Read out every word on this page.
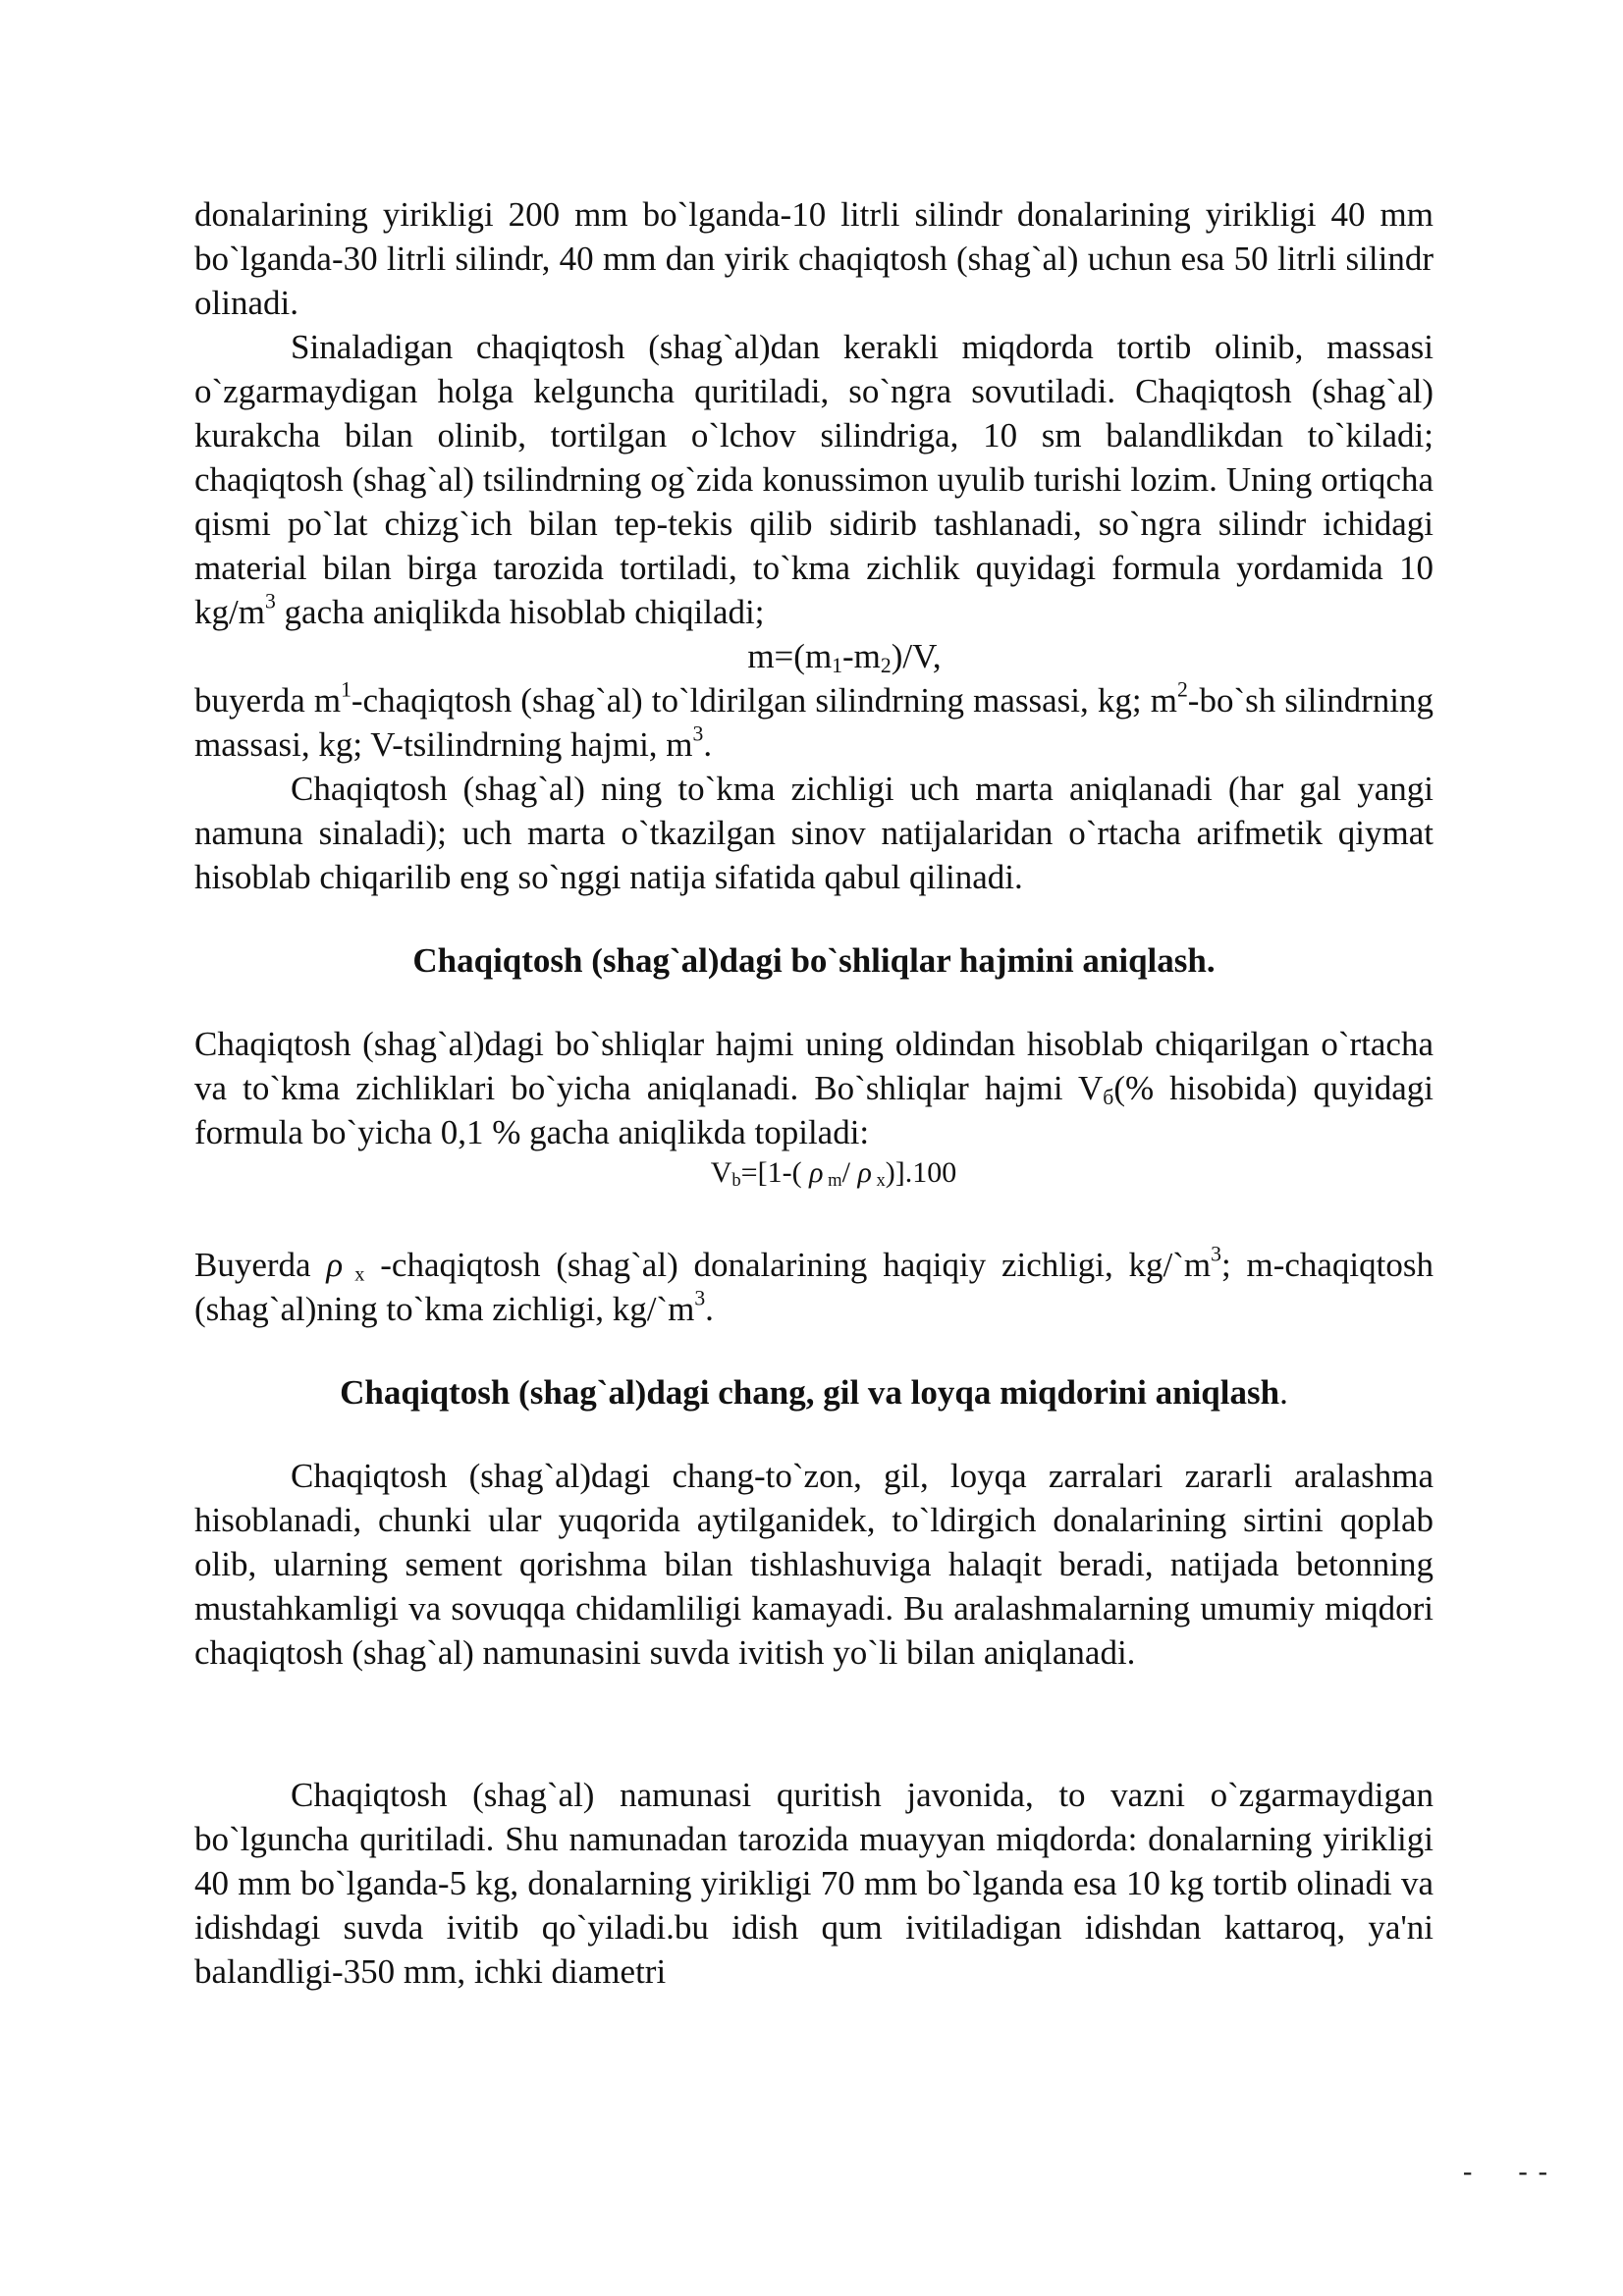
donalarining yirikligi 200 mm bo`lganda-10 litrli silindr donalarining yirikligi 40 mm bo`lganda-30 litrli silindr, 40 mm dan yirik chaqiqtosh (shag`al) uchun esa 50 litrli silindr olinadi.

Sinaladigan chaqiqtosh (shag`al)dan kerakli miqdorda tortib olinib, massasi o`zgarmaydigan holga kelguncha quritiladi, so`ngra sovutiladi. Chaqiqtosh (shag`al) kurakcha bilan olinib, tortilgan o`lchov silindriga, 10 sm balandlikdan to`kiladi; chaqiqtosh (shag`al) tsilindrning og`zida konussimon uyulib turishi lozim. Uning ortiqcha qismi po`lat chizg`ich bilan tep-tekis qilib sidirib tashlanadi, so`ngra silindr ichidagi material bilan birga tarozida tortiladi, to`kma zichlik quyidagi formula yordamida 10 $kg/m^3$ gacha aniqlikda hisoblab chiqiladi;

$m=(m_1-m_2)/V$,

buyerda $m^1$-chaqiqtosh (shag`al) to`ldirilgan silindrning massasi, kg; $m^2-bo`sh$ silindrning massasi, kg; V-tsilindrning hajmi, $m^3$.

Chaqiqtosh (shag`al) ning to`kma zichligi uch marta aniqlanadi (har gal yangi namuna sinaladi); uch marta o`tkazilgan sinov natijalaridan o`rtacha arifmetik qiymat hisoblab chiqarilib eng so`nggi natija sifatida qabul qilinadi.

Chaqiqtosh (shag`al)dagi bo`shliqlar hajmini aniqlash.

Chaqiqtosh (shag`al)dagi bo`shliqlar hajmi uning oldindan hisoblab chiqarilgan o`rtacha va to`kma zichliklari bo`yicha aniqlanadi. Bo`shliqlar hajmi $V_б(\%$ hisobida) quyidagi formula bo`yicha 0,1 % gacha aniqlikda topiladi:

$V_b=[1-$( ρ $_m$/ ρ $_x$)].100

Buyerda ρ $_x$ -chaqiqtosh (shag`al) donalarining haqiqiy zichligi, $kg/`m^3$; m-chaqiqtosh (shag`al)ning to`kma zichligi, $kg/`m^3$.

Chaqiqtosh (shag`al)dagi chang, gil va loyqa miqdorini aniqlash.

Chaqiqtosh (shag`al)dagi chang-to`zon, gil, loyqa zarralari zararli aralashma hisoblanadi, chunki ular yuqorida aytilganidek, to`ldirgich donalarining sirtini qoplab olib, ularning sement qorishma bilan tishlashuviga halaqit beradi, natijada betonning mustahkamligi va sovuqqa chidamliligi kamayadi. Bu aralashmalarning umumiy miqdori chaqiqtosh (shag`al) namunasini suvda ivitish yo`li bilan aniqlanadi.

Chaqiqtosh (shag`al) namunasi quritish javonida, to vazni o`zgarmaydigan bo`lguncha quritiladi. Shu namunadan tarozida muayyan miqdorda: donalarning yirikligi 40 mm bo`lganda-5 kg, donalarning yirikligi 70 mm bo`lganda esa 10 kg tortib olinadi va idishdagi suvda ivitib qo`yiladi.bu idish qum ivitiladigan idishdan kattaroq, ya'ni balandligi-350 mm, ichki diametri

-     - -
